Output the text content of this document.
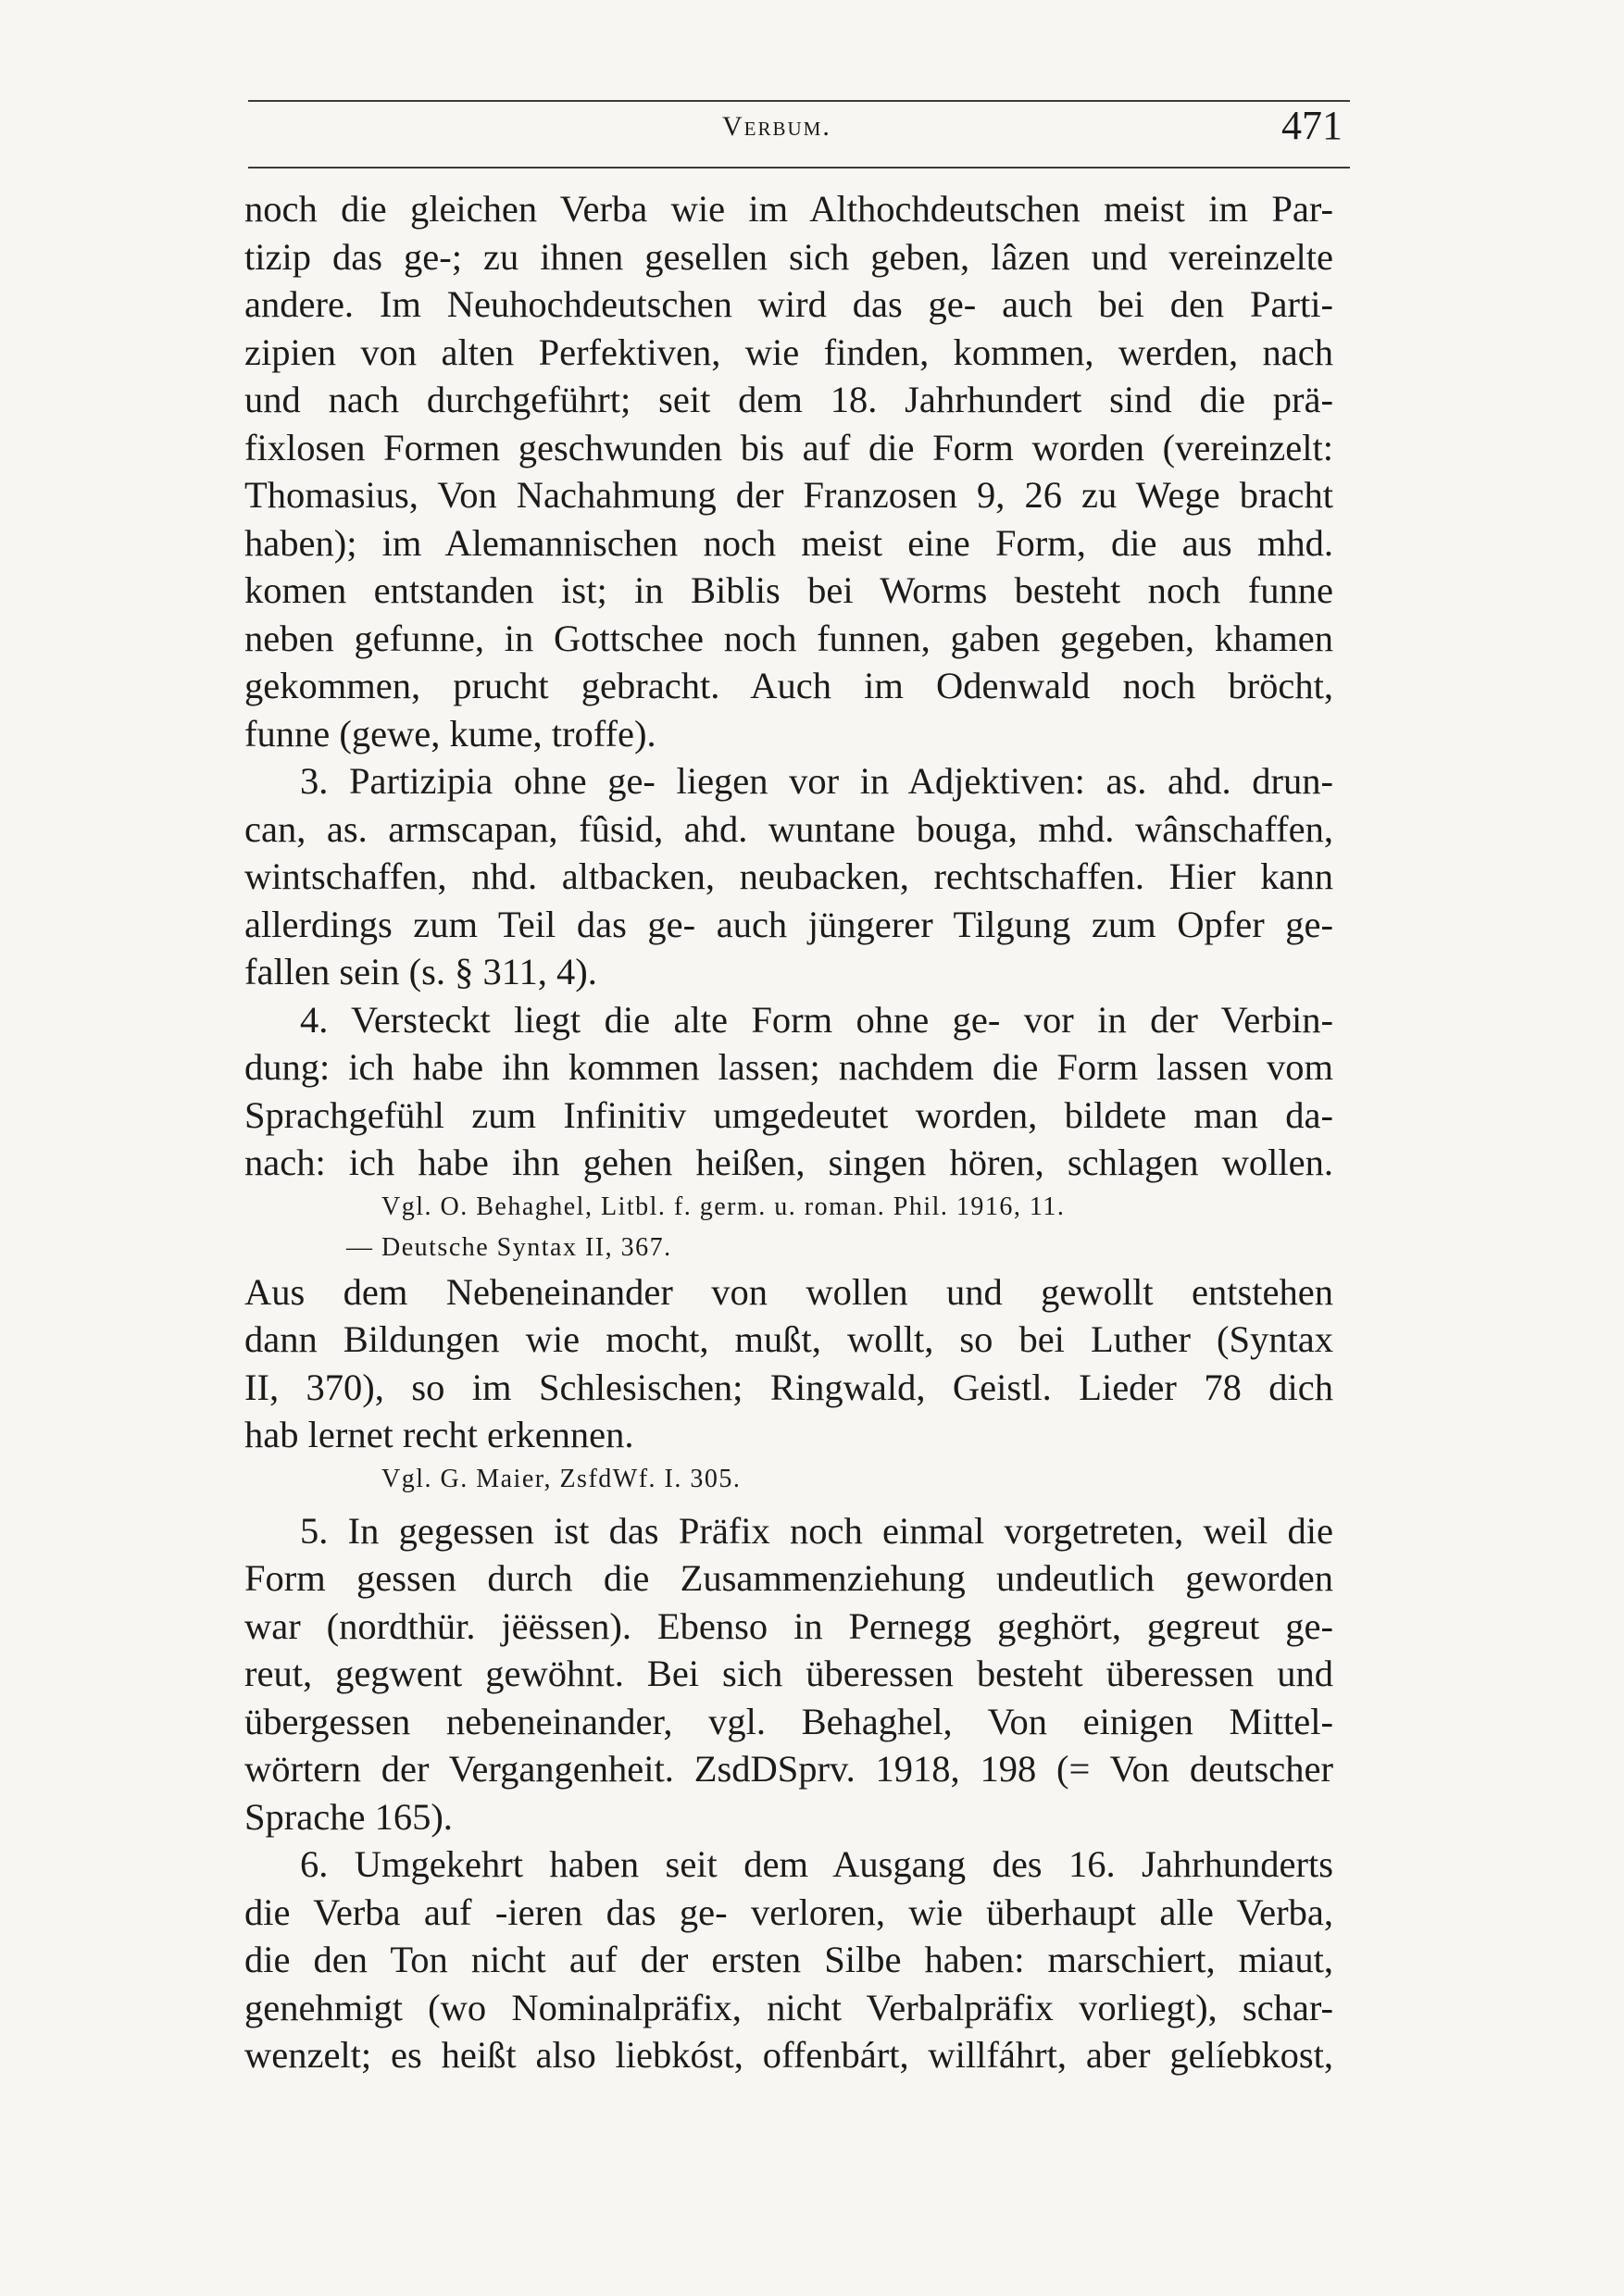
Verbum.	471
noch die gleichen Verba wie im Althochdeutschen meist im Par-
tizip das ge-; zu ihnen gesellen sich geben, lâzen und vereinzelte
andere. Im Neuhochdeutschen wird das ge- auch bei den Parti-
zipien von alten Perfektiven, wie finden, kommen, werden, nach
und nach durchgeführt; seit dem 18. Jahrhundert sind die prä-
fixlosen Formen geschwunden bis auf die Form worden (vereinzelt:
Thomasius, Von Nachahmung der Franzosen 9, 26 zu Wege bracht
haben); im Alemannischen noch meist eine Form, die aus mhd.
komen entstanden ist; in Biblis bei Worms besteht noch funne
neben gefunne, in Gottschee noch funnen, gaben gegeben, khamen
gekommen, prucht gebracht. Auch im Odenwald noch bröcht,
funne (gewe, kume, troffe).
3. Partizipia ohne ge- liegen vor in Adjektiven: as. ahd. drun-
can, as. armscapan, fûsid, ahd. wuntane bouga, mhd. wânschaffen,
wintschaffen, nhd. altbacken, neubacken, rechtschaffen. Hier kann
allerdings zum Teil das ge- auch jüngerer Tilgung zum Opfer ge-
fallen sein (s. § 311, 4).
4. Versteckt liegt die alte Form ohne ge- vor in der Verbin-
dung: ich habe ihn kommen lassen; nachdem die Form lassen vom
Sprachgefühl zum Infinitiv umgedeutet worden, bildete man da-
nach: ich habe ihn gehen heißen, singen hören, schlagen wollen.
Vgl. O. Behaghel, Litbl. f. germ. u. roman. Phil. 1916, 11.
— Deutsche Syntax II, 367.
Aus dem Nebeneinander von wollen und gewollt entstehen
dann Bildungen wie mocht, mußt, wollt, so bei Luther (Syntax
II, 370), so im Schlesischen; Ringwald, Geistl. Lieder 78 dich
hab lernet recht erkennen.
Vgl. G. Maier, ZsfdWf. I. 305.
5. In gegessen ist das Präfix noch einmal vorgetreten, weil die
Form gessen durch die Zusammenziehung undeutlich geworden
war (nordthür. jëëssen). Ebenso in Pernegg geghört, gegreut ge-
reut, gegwent gewöhnt. Bei sich überessen besteht überessen und
übergessen nebeneinander, vgl. Behaghel, Von einigen Mittel-
wörtern der Vergangenheit. ZsdDSprv. 1918, 198 (= Von deutscher
Sprache 165).
6. Umgekehrt haben seit dem Ausgang des 16. Jahrhunderts
die Verba auf -ieren das ge- verloren, wie überhaupt alle Verba,
die den Ton nicht auf der ersten Silbe haben: marschiert, miaut,
genehmigt (wo Nominalpräfix, nicht Verbalpräfix vorliegt), schar-
wenzelt; es heißt also liebkóst, offenbárt, willfáhrt, aber gelíebkost,
